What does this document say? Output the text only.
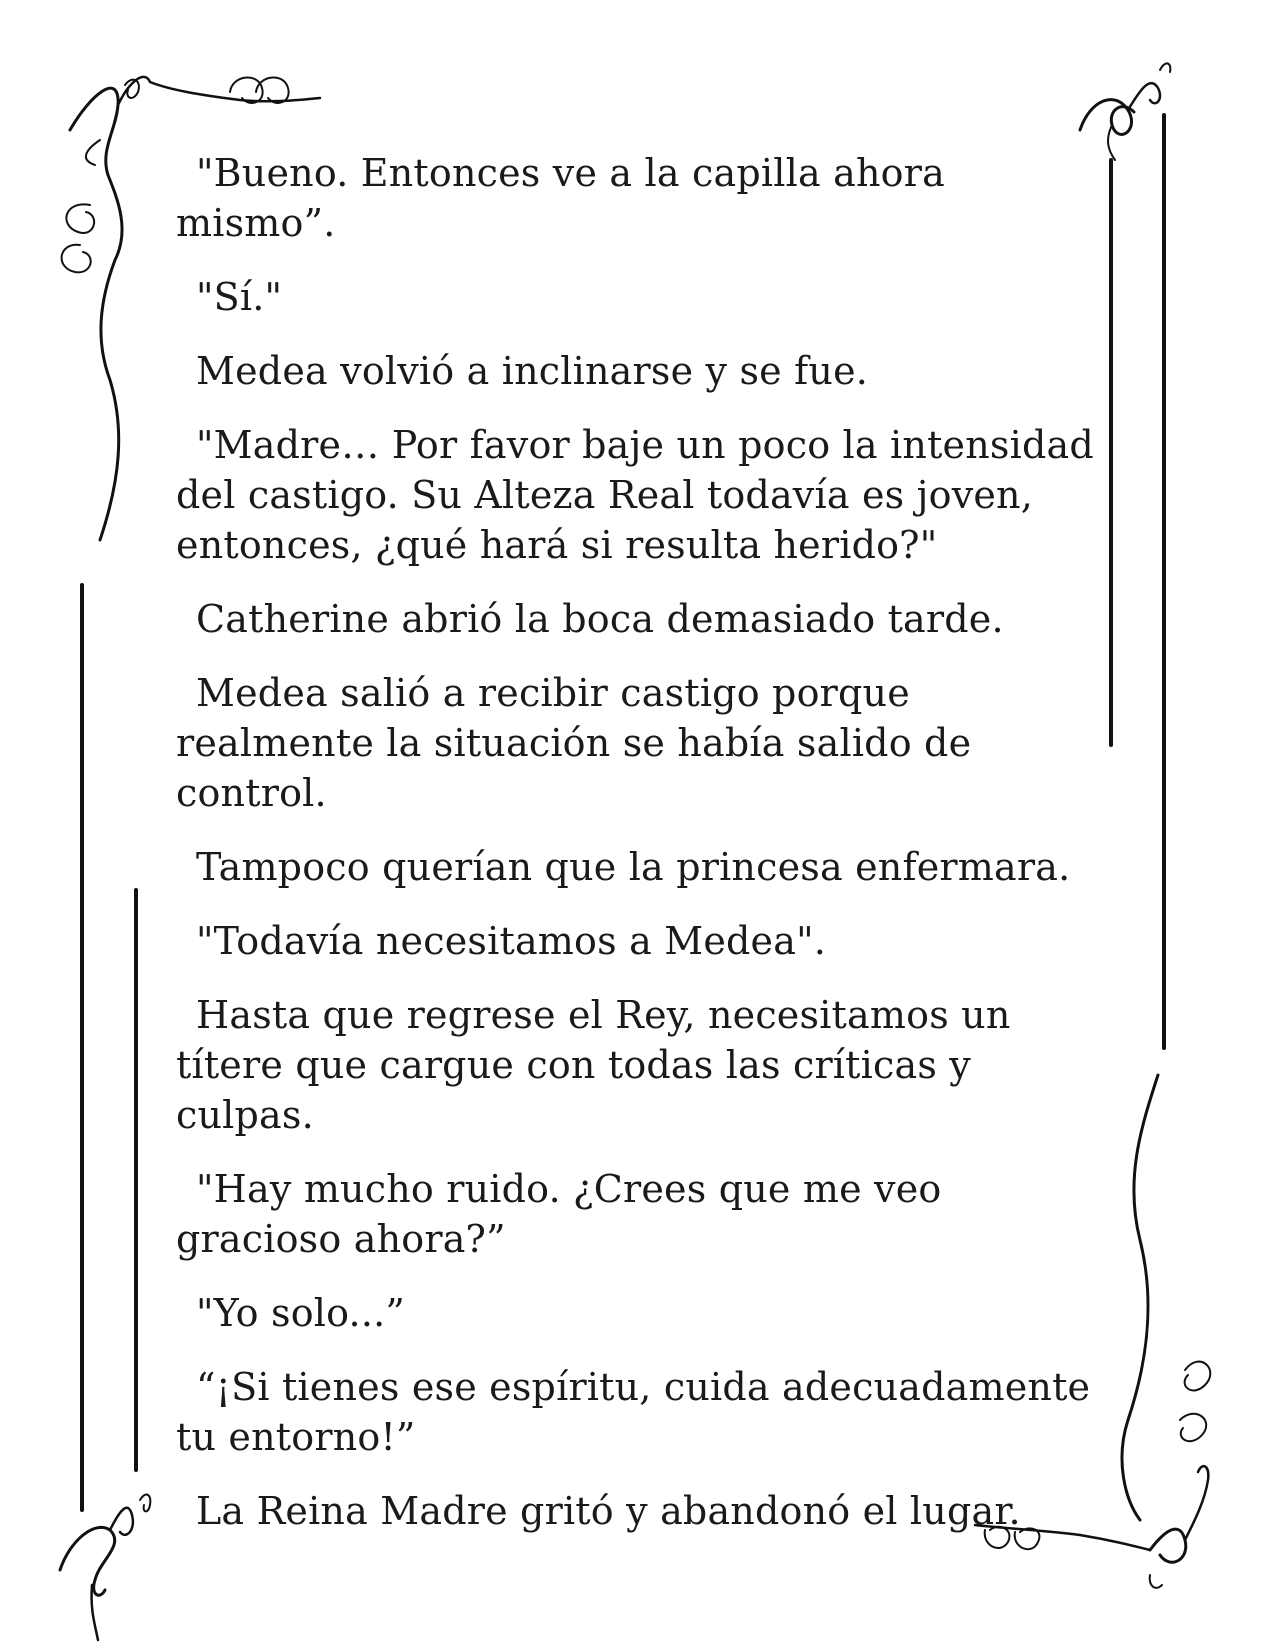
"Bueno. Entonces ve a la capilla ahora mismo”.

"Sí."

Medea volvió a inclinarse y se fue.

"Madre… Por favor baje un poco la intensidad del castigo. Su Alteza Real todavía es joven, entonces, ¿qué hará si resulta herido?"

Catherine abrió la boca demasiado tarde.

Medea salió a recibir castigo porque realmente la situación se había salido de control.

Tampoco querían que la princesa enfermara.

"Todavía necesitamos a Medea".

Hasta que regrese el Rey, necesitamos un títere que cargue con todas las críticas y culpas.

"Hay mucho ruido. ¿Crees que me veo gracioso ahora?”

"Yo solo...”

“¡Si tienes ese espíritu, cuida adecuadamente tu entorno!”

La Reina Madre gritó y abandonó el lugar.
